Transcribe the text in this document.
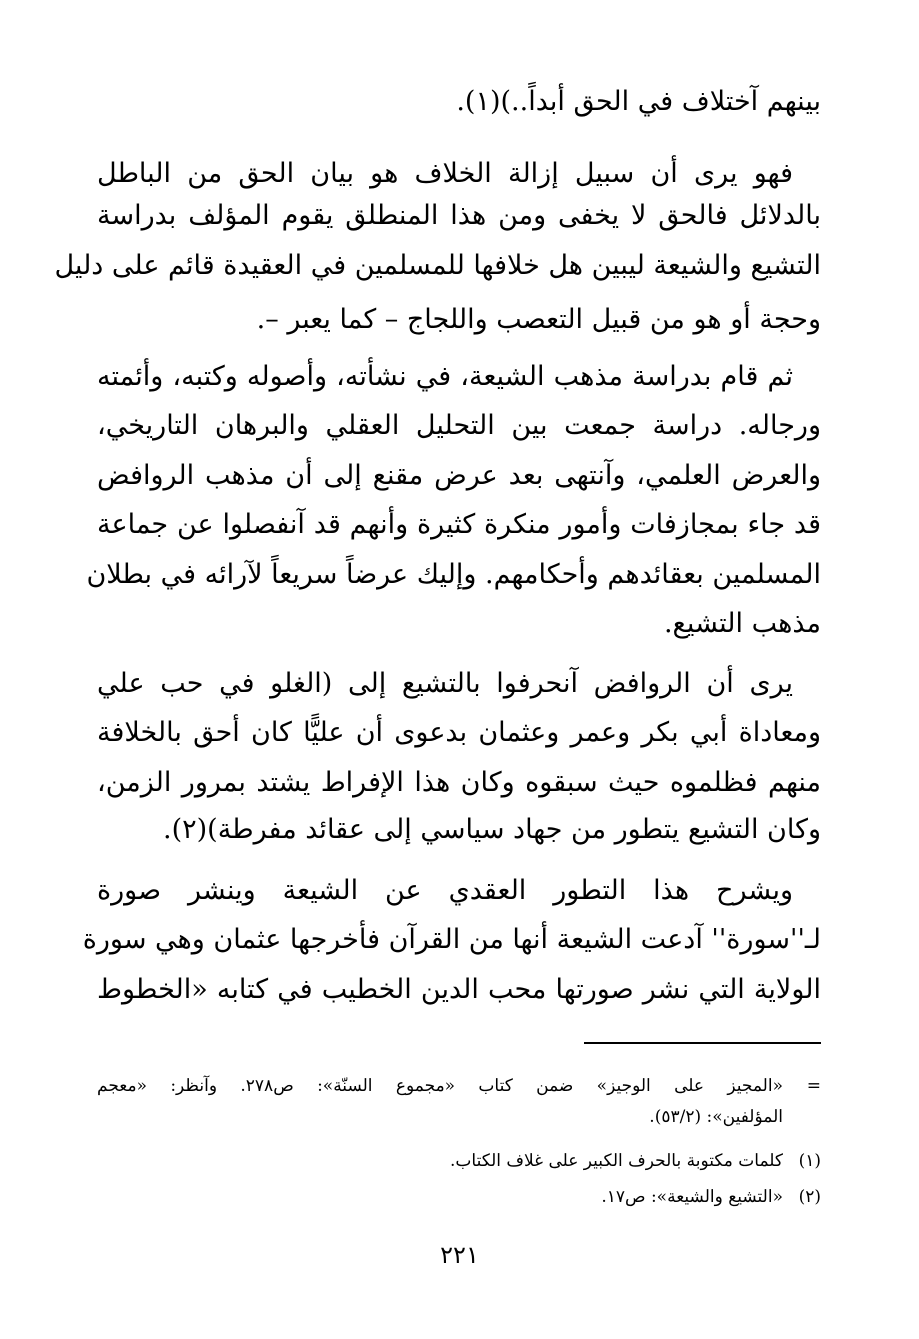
بينهم آختلاف في الحق أبداً..)(١).
فهو يرى أن سبيل إزالة الخلاف هو بيان الحق من الباطل
بالدلائل فالحق لا يخفى ومن هذا المنطلق يقوم المؤلف بدراسة
التشيع والشيعة ليبين هل خلافها للمسلمين في العقيدة قائم على دليل
وحجة أو هو من قبيل التعصب واللجاج – كما يعبر –.
ثم قام بدراسة مذهب الشيعة، في نشأته، وأصوله وكتبه، وأئمته
ورجاله. دراسة جمعت بين التحليل العقلي والبرهان التاريخي،
والعرض العلمي، وآنتهى بعد عرض مقنع إلى أن مذهب الروافض
قد جاء بمجازفات وأمور منكرة كثيرة وأنهم قد آنفصلوا عن جماعة
المسلمين بعقائدهم وأحكامهم. وإليك عرضاً سريعاً لآرائه في بطلان
مذهب التشيع.
يرى أن الروافض آنحرفوا بالتشيع إلى (الغلو في حب علي
ومعاداة أبي بكر وعمر وعثمان بدعوى أن عليًّا كان أحق بالخلافة
منهم فظلموه حيث سبقوه وكان هذا الإفراط يشتد بمرور الزمن،
وكان التشيع يتطور من جهاد سياسي إلى عقائد مفرطة)(٢).
ويشرح هذا التطور العقدي عن الشيعة وينشر صورة
لـ''سورة'' آدعت الشيعة أنها من القرآن فأخرجها عثمان وهي سورة
الولاية التي نشر صورتها محب الدين الخطيب في كتابه «الخطوط
=«المجيز على الوجيز» ضمن كتاب «مجموع السنّة»: ص٢٧٨. وآنظر: «معجم
المؤلفين»: (٥٣/٢).
(١)كلمات مكتوبة بالحرف الكبير على غلاف الكتاب.
(٢)«التشيع والشيعة»: ص١٧.
٢٢١
